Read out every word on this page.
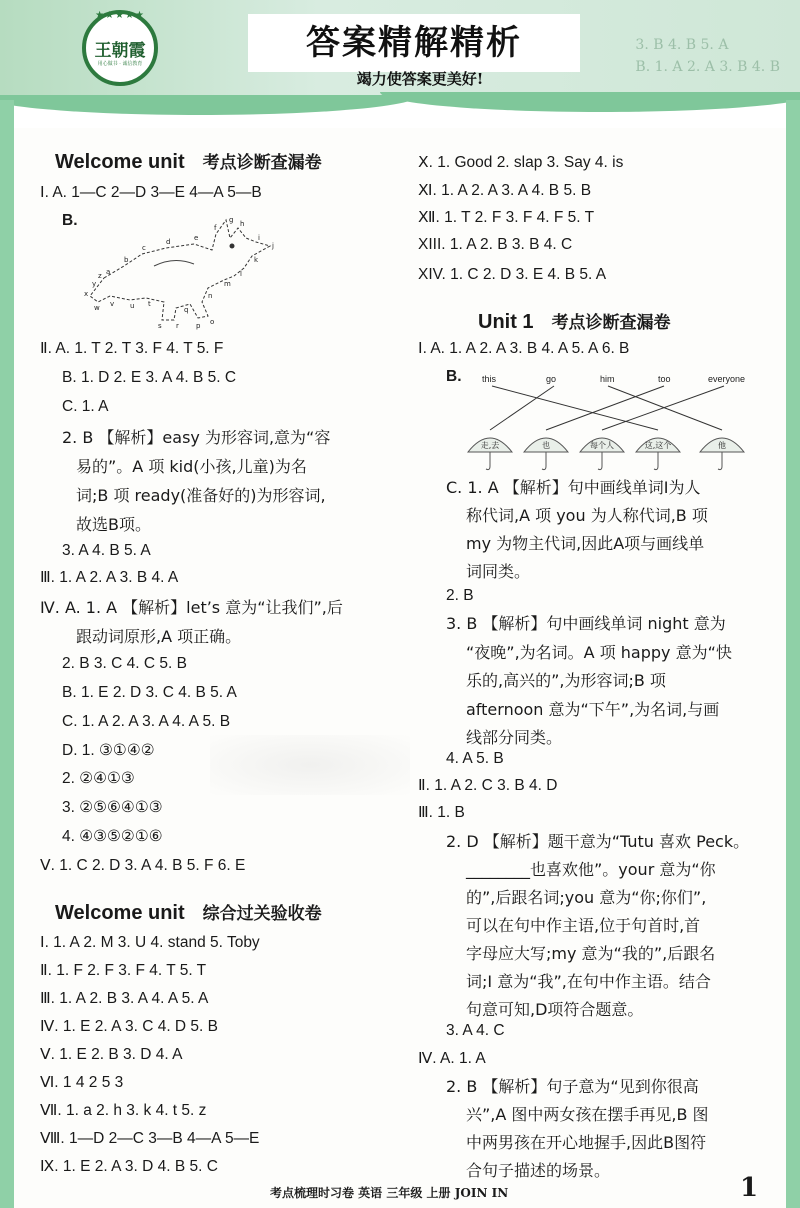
3. B 4. B 5. A
B. 1. A 2. A 3. B 4. B
★★★★★
王朝霞
用心做书 · 诚信教育
答案精解精析
竭力使答案更美好!
Welcome unit 考点诊断查漏卷
Ⅰ. A. 1—C 2—D 3—E 4—A 5—B
B.
a
b
c
d	e
f
g h
i
j
k
l
m
n
o
p
q
r
s
t
u
v
w
x
y
z
Ⅱ. A. 1. T 2. T 3. F 4. T 5. F
B. 1. D 2. E 3. A 4. B 5. C
C. 1. A
2. B 【解析】easy 为形容词,意为“容
易的”。A 项 kid(小孩,儿童)为名
词;B 项 ready(准备好的)为形容词,
故选B项。
3. A 4. B 5. A
Ⅲ. 1. A 2. A 3. B 4. A
Ⅳ. A. 1. A 【解析】let’s 意为“让我们”,后
跟动词原形,A 项正确。
2. B 3. C 4. C 5. B
B. 1. E 2. D 3. C 4. B 5. A
C. 1. A 2. A 3. A 4. A 5. B
D. 1. ③①④②
2. ②④①③
3. ②⑤⑥④①③
4. ④③⑤②①⑥
Ⅴ. 1. C 2. D 3. A 4. B 5. F 6. E
Welcome unit 综合过关验收卷
Ⅰ. 1. A 2. M 3. U 4. stand 5. Toby
Ⅱ. 1. F 2. F 3. F 4. T 5. T
Ⅲ. 1. A 2. B 3. A 4. A 5. A
Ⅳ. 1. E 2. A 3. C 4. D 5. B
Ⅴ. 1. E 2. B 3. D 4. A
Ⅵ. 1 4 2 5 3
Ⅶ. 1. a 2. h 3. k 4. t 5. z
Ⅷ. 1—D 2—C 3—B 4—A 5—E
Ⅸ. 1. E 2. A 3. D 4. B 5. C
Ⅹ. 1. Good 2. slap 3. Say 4. is
Ⅺ. 1. A 2. A 3. A 4. B 5. B
Ⅻ. 1. T 2. F 3. F 4. F 5. T
XIII. 1. A 2. B 3. B 4. C
XIV. 1. C 2. D 3. E 4. B 5. A
Unit 1 考点诊断查漏卷
Ⅰ. A. 1. A 2. A 3. B 4. A 5. A 6. B
B. this	go	him	too	everyone
走,去	也	每个人	这,这个	他
C. 1. A 【解析】句中画线单词I为人
称代词,A 项 you 为人称代词,B 项
my 为物主代词,因此A项与画线单
词同类。
2. B
3. B 【解析】句中画线单词 night 意为
“夜晚”,为名词。A 项 happy 意为“快
乐的,高兴的”,为形容词;B 项
afternoon 意为“下午”,为名词,与画
线部分同类。
4. A 5. B
Ⅱ. 1. A 2. C 3. B 4. D
Ⅲ. 1. B
2. D 【解析】题干意为“Tutu 喜欢 Peck。
________也喜欢他”。your 意为“你
的”,后跟名词;you 意为“你;你们”,
可以在句中作主语,位于句首时,首
字母应大写;my 意为“我的”,后跟名
词;I 意为“我”,在句中作主语。结合
句意可知,D项符合题意。
3. A 4. C
Ⅳ. A. 1. A
2. B 【解析】句子意为“见到你很高
兴”,A 图中两女孩在摆手再见,B 图
中两男孩在开心地握手,因此B图符
合句子描述的场景。
考点梳理时习卷 英语 三年级 上册 JOIN IN	1
